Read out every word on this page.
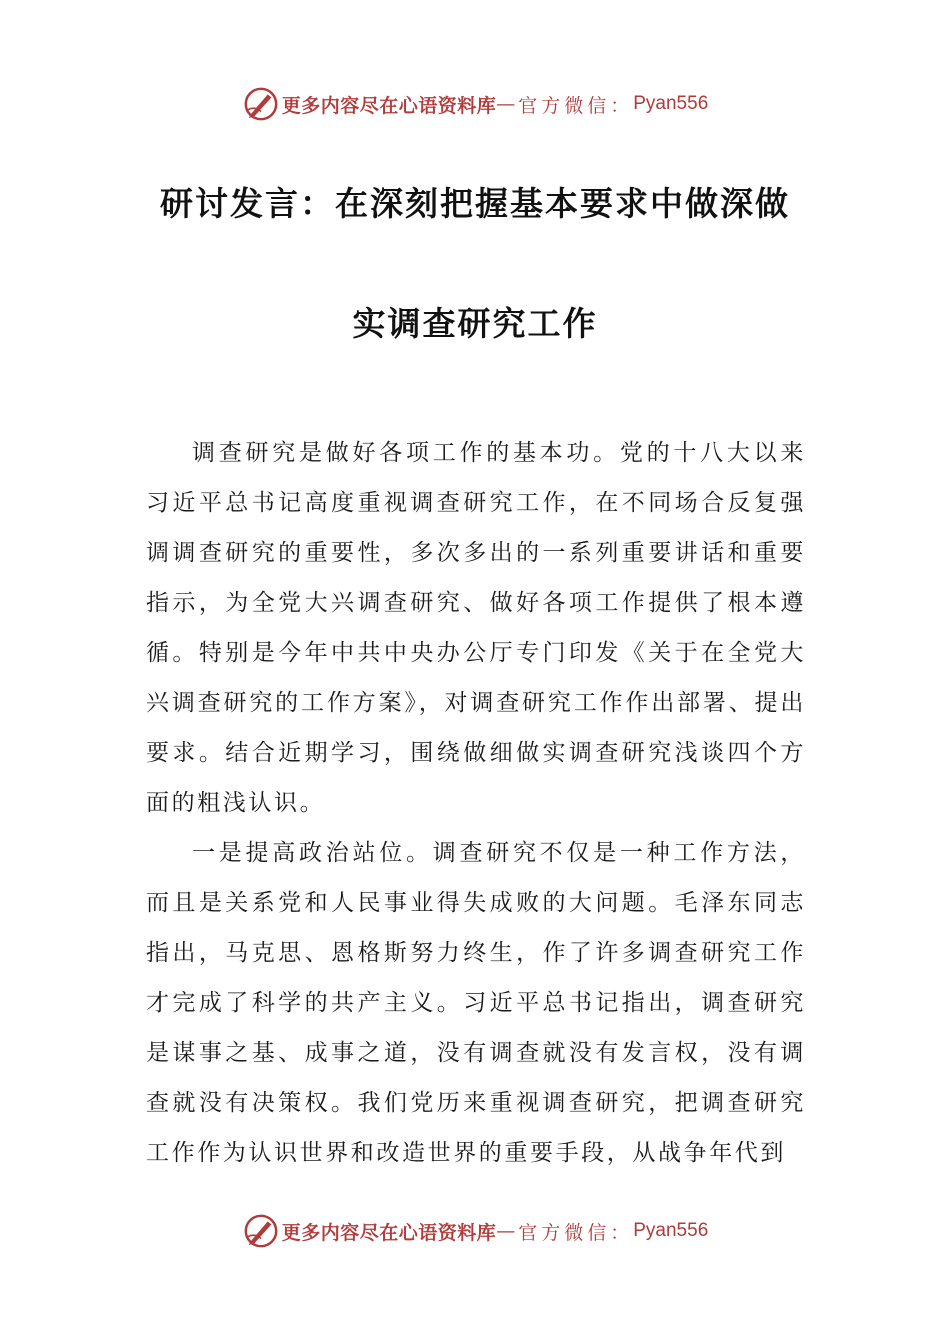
更多内容尽在心语资料库 — 官方微信： Pyan556
研讨发言：在深刻把握基本要求中做深做
实调查研究工作

调查研究是做好各项工作的基本功。党的十八大以来习近平总书记高度重视调查研究工作，在不同场合反复强调调查研究的重要性，多次多出的一系列重要讲话和重要指示，为全党大兴调查研究、做好各项工作提供了根本遵循。特别是今年中共中央办公厅专门印发《关于在全党大兴调查研究的工作方案》，对调查研究工作作出部署、提出要求。结合近期学习，围绕做细做实调查研究浅谈四个方面的粗浅认识。

一是提高政治站位。调查研究不仅是一种工作方法，而且是关系党和人民事业得失成败的大问题。毛泽东同志指出，马克思、恩格斯努力终生，作了许多调查研究工作才完成了科学的共产主义。习近平总书记指出，调查研究是谋事之基、成事之道，没有调查就没有发言权，没有调查就没有决策权。我们党历来重视调查研究，把调查研究工作作为认识世界和改造世界的重要手段，从战争年代到

更多内容尽在心语资料库 — 官方微信： Pyan556
